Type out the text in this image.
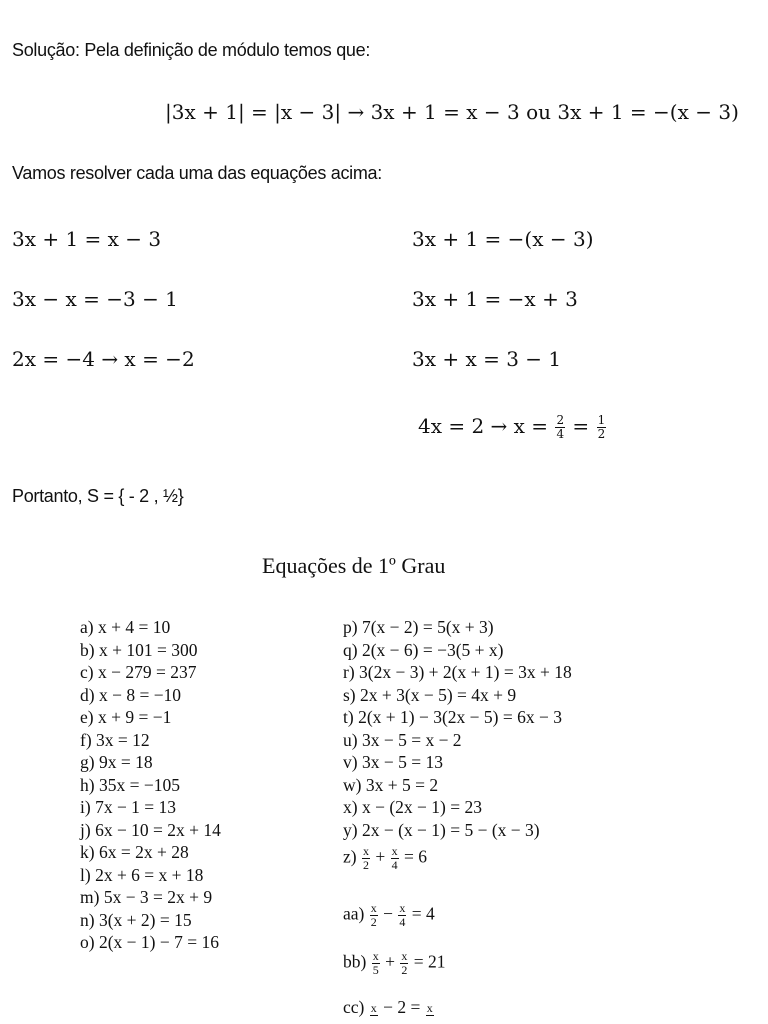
Solução: Pela definição de módulo temos que:
|3x + 1| = |x − 3| → 3x + 1 = x − 3 ou 3x + 1 = −(x − 3)
Vamos resolver cada uma das equações acima:
3x + 1 = x − 3
3x − x = −3 − 1
2x = −4 → x = −2
3x + 1 = −(x − 3)
3x + 1 = −x + 3
3x + x = 3 − 1
$4x = 2 \to x = \frac{2}{4} = \frac{1}{2}$
Portanto, S = { - 2 , ½}
Equações de 1º Grau
a) x + 4 = 10
b) x + 101 = 300
c) x − 279 = 237
d) x − 8 = −10
e) x + 9 = −1
f) 3x = 12
g) 9x = 18
h) 35x = −105
i) 7x − 1 = 13
j) 6x − 10 = 2x + 14
k) 6x = 2x + 28
l) 2x + 6 = x + 18
m) 5x − 3 = 2x + 9
n) 3(x + 2) = 15
o) 2(x − 1) − 7 = 16
p) 7(x − 2) = 5(x + 3)
q) 2(x − 6) = −3(5 + x)
r) 3(2x − 3) + 2(x + 1) = 3x + 18
s) 2x + 3(x − 5) = 4x + 9
t) 2(x + 1) − 3(2x − 5) = 6x − 3
u) 3x − 5 = x − 2
v) 3x − 5 = 13
w) 3x + 5 = 2
x) x − (2x − 1) = 23
y) 2x − (x − 1) = 5 − (x − 3)
$z) \frac{x}{2} + \frac{x}{4} = 6$
$aa) \frac{x}{2} - \frac{x}{4} = 4$
$bb) \frac{x}{5} + \frac{x}{2} = 21$
cc) x − 2 = x
